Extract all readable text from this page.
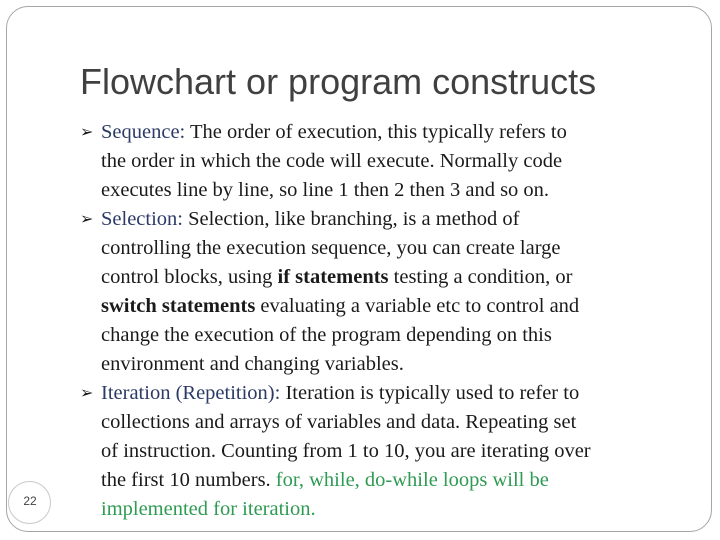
Flowchart or program constructs
➢ Sequence: The order of execution, this typically refers to
the order in which the code will execute. Normally code
executes line by line, so line 1 then 2 then 3 and so on.
➢ Selection: Selection, like branching, is a method of
controlling the execution sequence, you can create large
control blocks, using if statements testing a condition, or
switch statements evaluating a variable etc to control and
change the execution of the program depending on this
environment and changing variables.
➢ Iteration (Repetition): Iteration is typically used to refer to
collections and arrays of variables and data. Repeating set
of instruction. Counting from 1 to 10, you are iterating over
the first 10 numbers. for, while, do-while loops will be
implemented for iteration.
22
